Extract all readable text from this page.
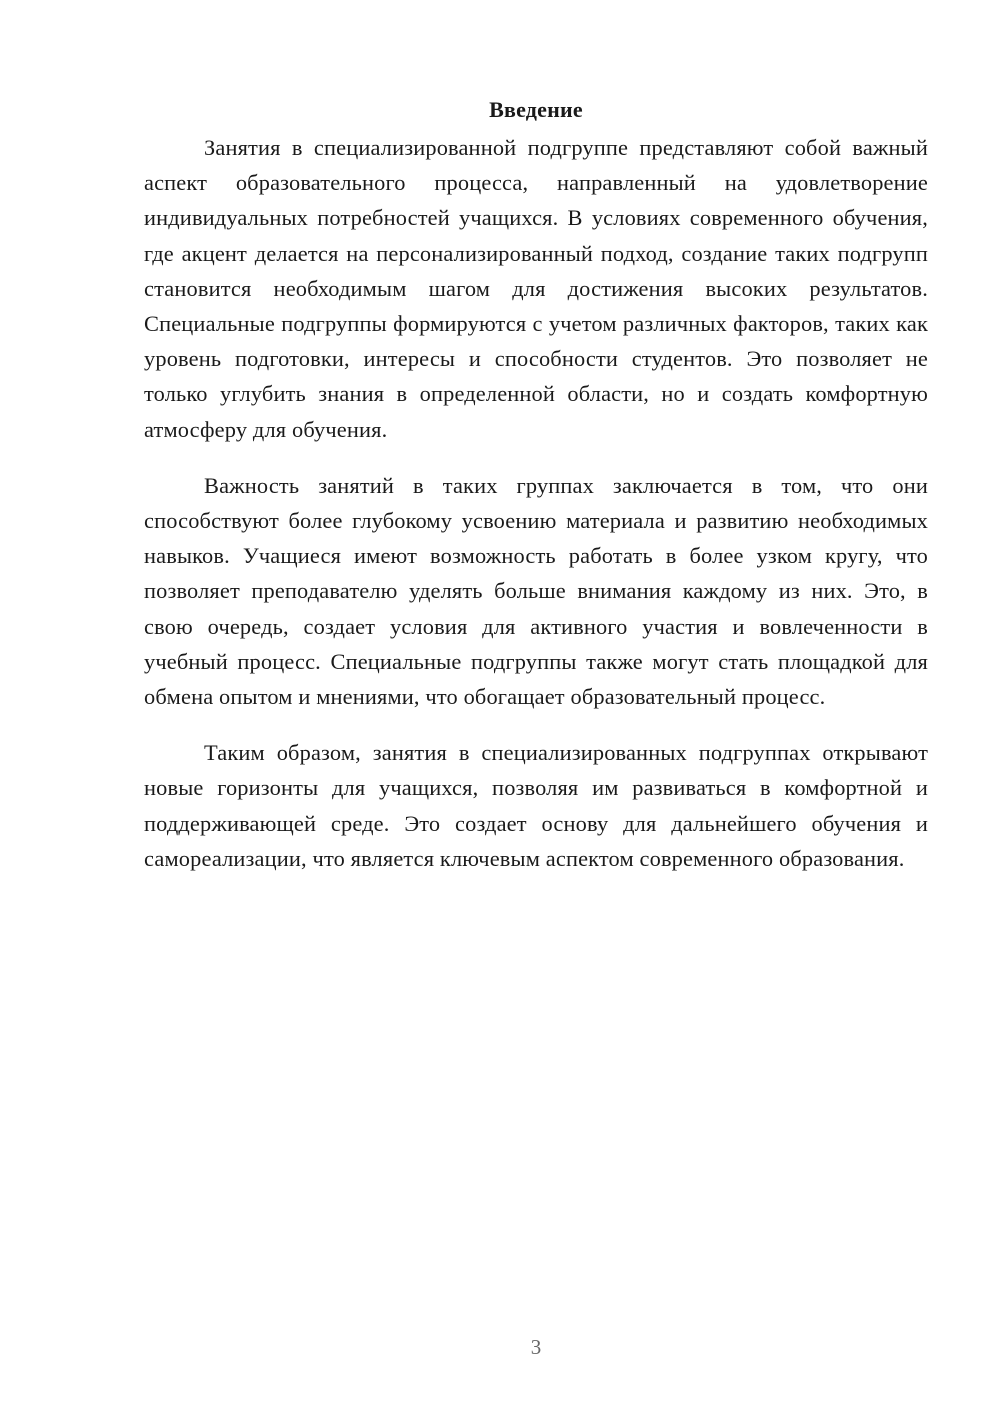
Введение

Занятия в специализированной подгруппе представляют собой важный аспект образовательного процесса, направленный на удовлетворение индивидуальных потребностей учащихся. В условиях современного обучения, где акцент делается на персонализированный подход, создание таких подгрупп становится необходимым шагом для достижения высоких результатов. Специальные подгруппы формируются с учетом различных факторов, таких как уровень подготовки, интересы и способности студентов. Это позволяет не только углубить знания в определенной области, но и создать комфортную атмосферу для обучения.

Важность занятий в таких группах заключается в том, что они способствуют более глубокому усвоению материала и развитию необходимых навыков. Учащиеся имеют возможность работать в более узком кругу, что позволяет преподавателю уделять больше внимания каждому из них. Это, в свою очередь, создает условия для активного участия и вовлеченности в учебный процесс. Специальные подгруппы также могут стать площадкой для обмена опытом и мнениями, что обогащает образовательный процесс.

Таким образом, занятия в специализированных подгруппах открывают новые горизонты для учащихся, позволяя им развиваться в комфортной и поддерживающей среде. Это создает основу для дальнейшего обучения и самореализации, что является ключевым аспектом современного образования.

3
